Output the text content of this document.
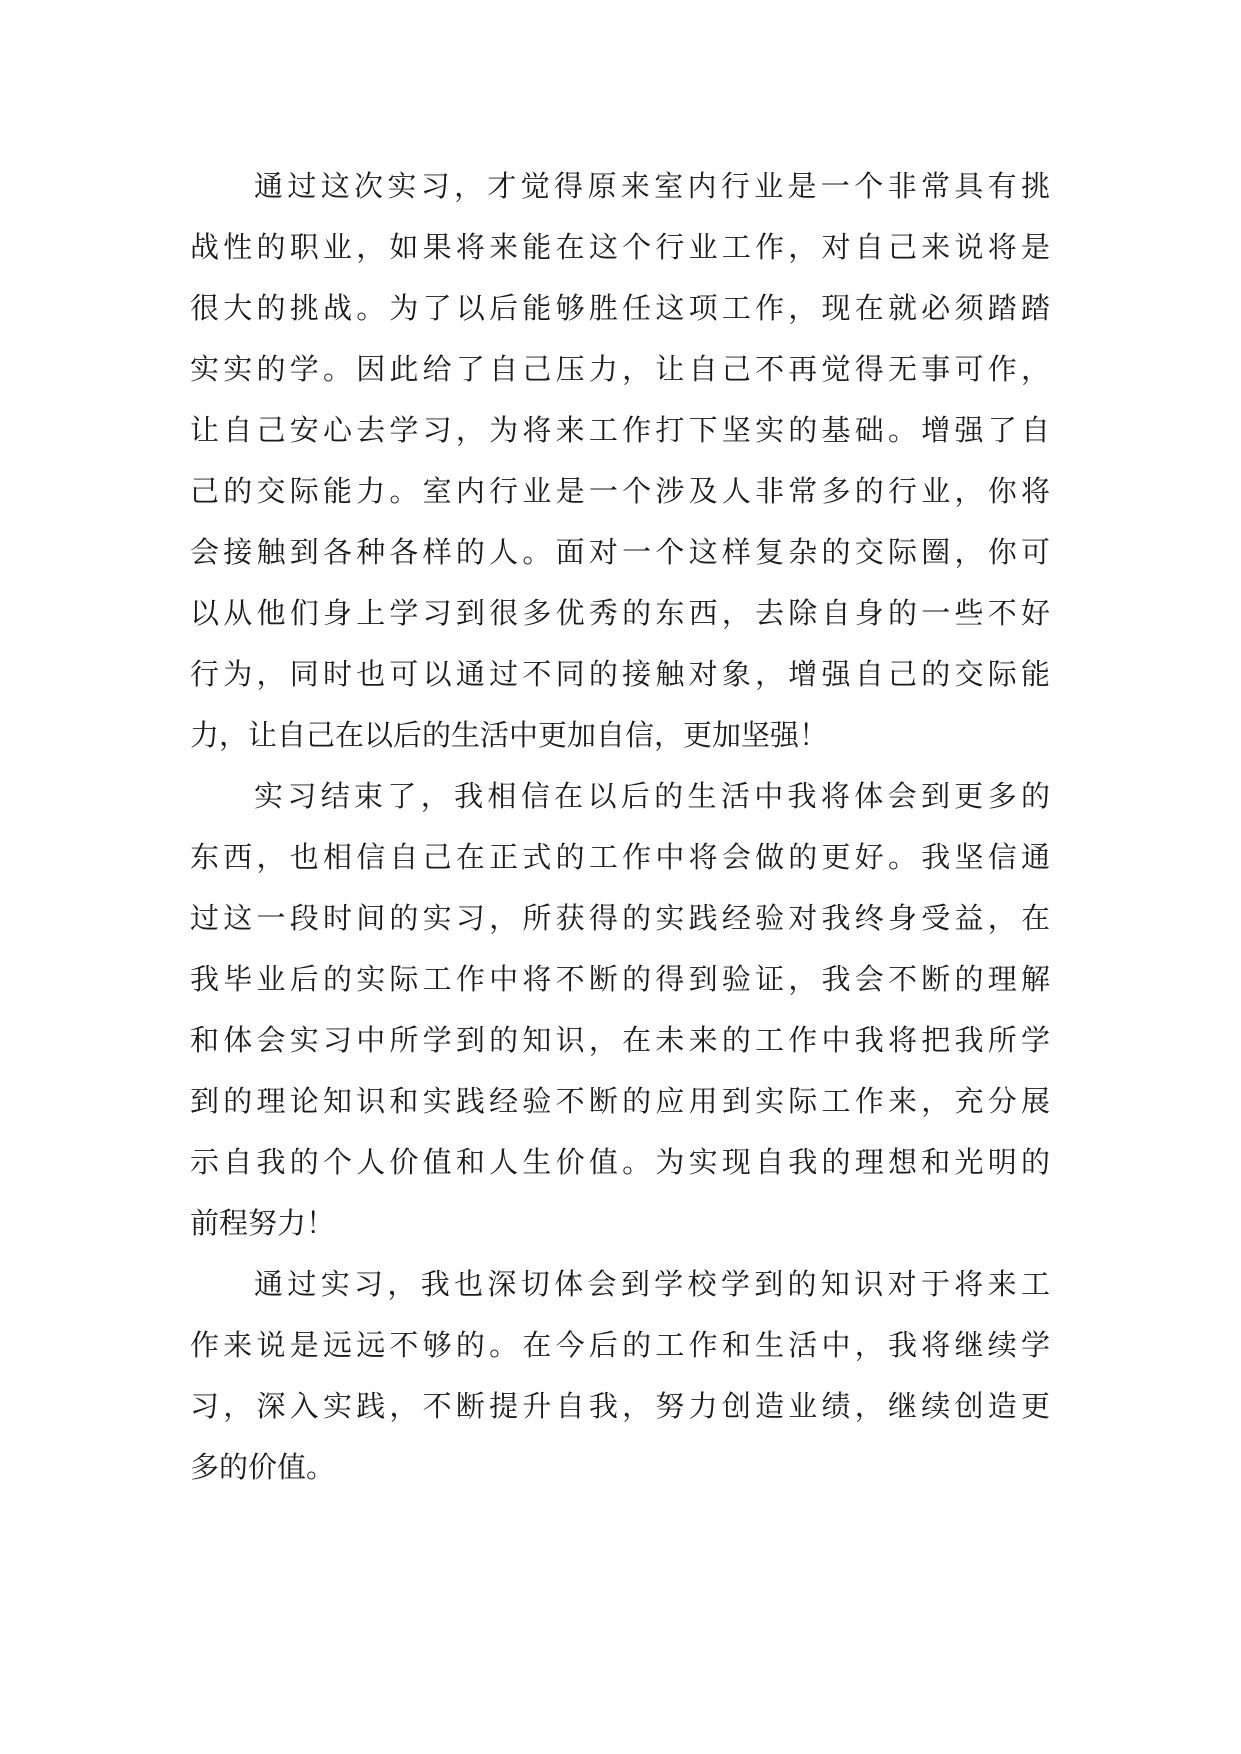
通过这次实习，才觉得原来室内行业是一个非常具有挑
战性的职业，如果将来能在这个行业工作，对自己来说将是
很大的挑战。为了以后能够胜任这项工作，现在就必须踏踏
实实的学。因此给了自己压力，让自己不再觉得无事可作，
让自己安心去学习，为将来工作打下坚实的基础。增强了自
己的交际能力。室内行业是一个涉及人非常多的行业，你将
会接触到各种各样的人。面对一个这样复杂的交际圈，你可
以从他们身上学习到很多优秀的东西，去除自身的一些不好
行为，同时也可以通过不同的接触对象，增强自己的交际能
力，让自己在以后的生活中更加自信，更加坚强！
实习结束了，我相信在以后的生活中我将体会到更多的
东西，也相信自己在正式的工作中将会做的更好。我坚信通
过这一段时间的实习，所获得的实践经验对我终身受益，在
我毕业后的实际工作中将不断的得到验证，我会不断的理解
和体会实习中所学到的知识，在未来的工作中我将把我所学
到的理论知识和实践经验不断的应用到实际工作来，充分展
示自我的个人价值和人生价值。为实现自我的理想和光明的
前程努力！
通过实习，我也深切体会到学校学到的知识对于将来工
作来说是远远不够的。在今后的工作和生活中，我将继续学
习，深入实践，不断提升自我，努力创造业绩，继续创造更
多的价值。
